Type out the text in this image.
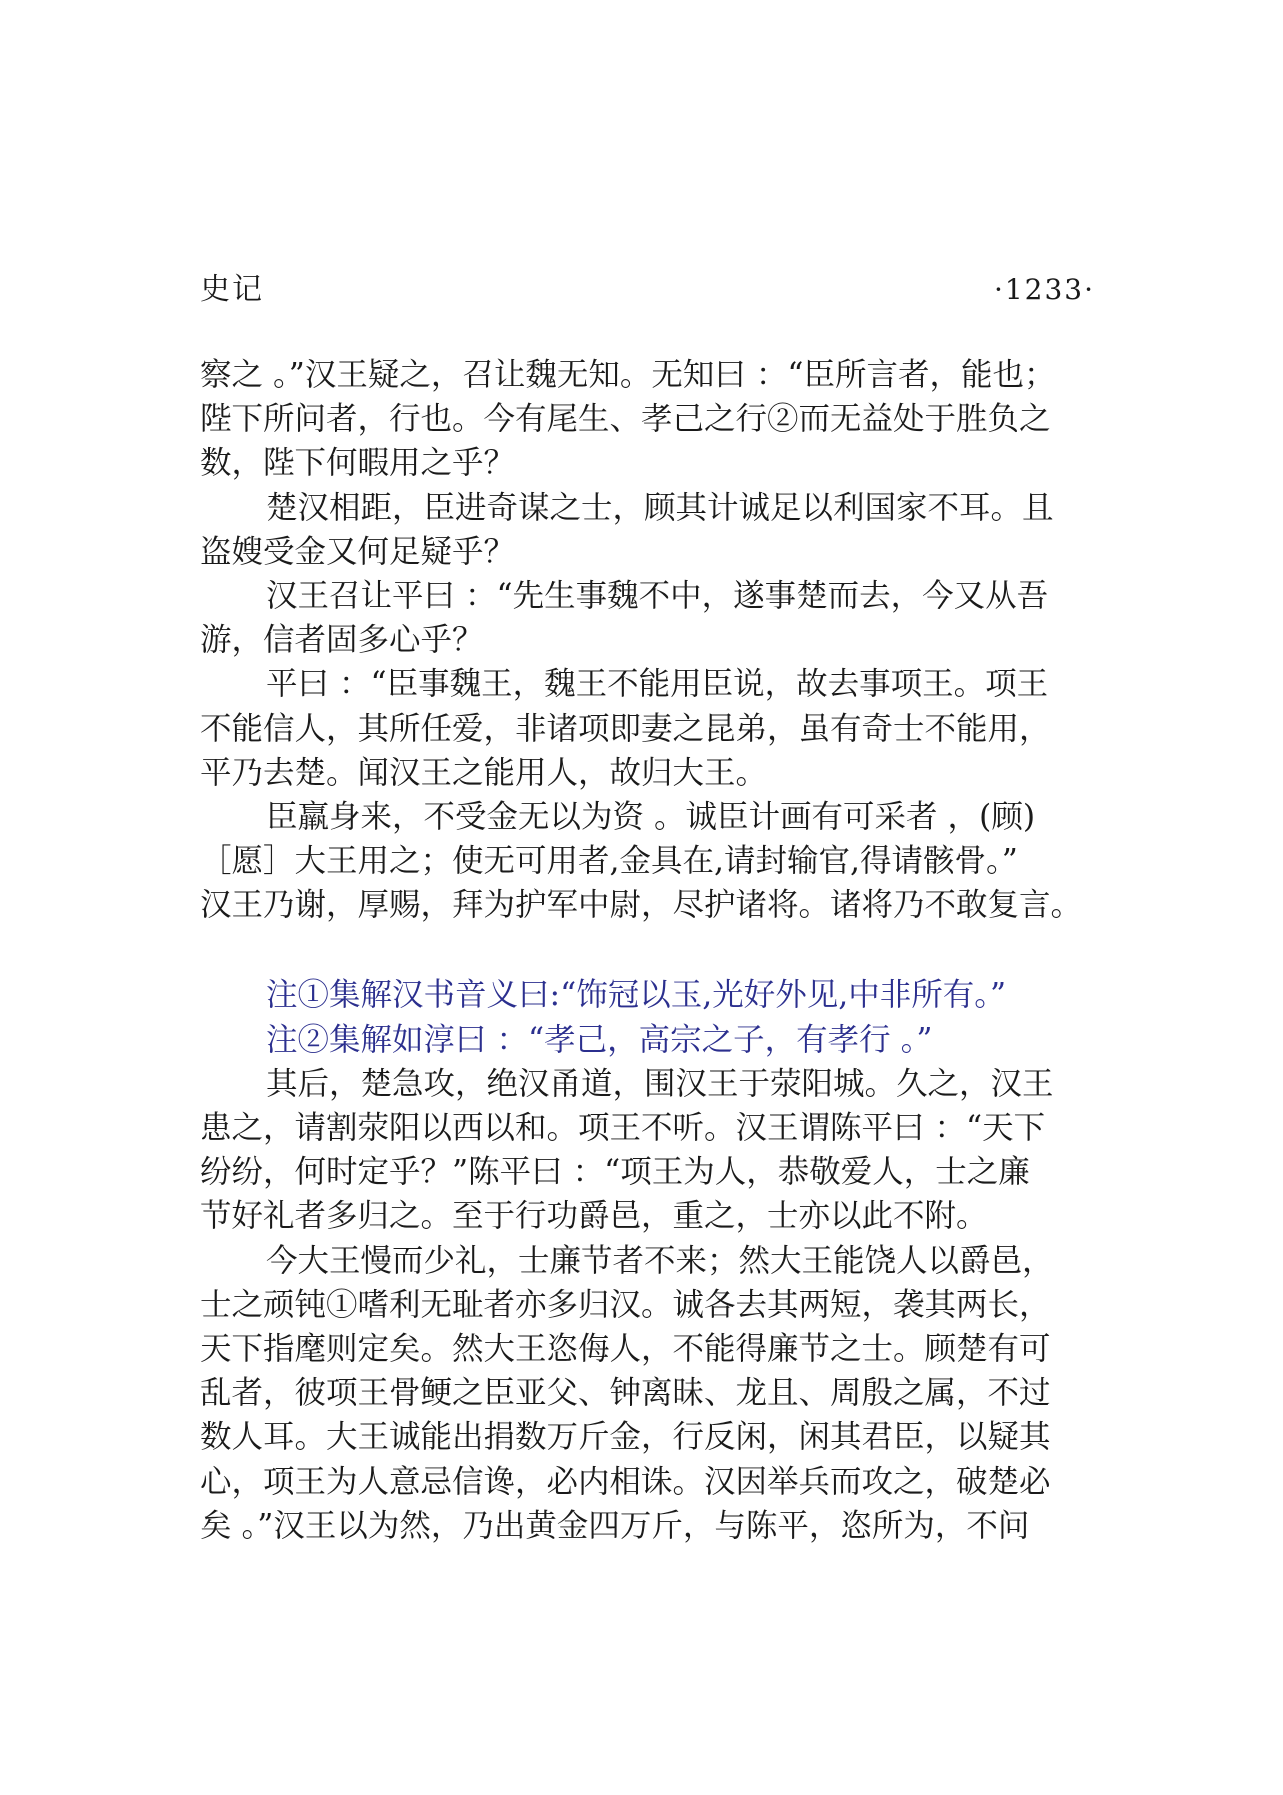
史记	·1233·
察之 。”汉王疑之，召让魏无知。无知曰 ：“臣所言者，能也；
陛下所问者，行也。今有尾生、孝己之行②而无益处于胜负之
数，陛下何暇用之乎？
楚汉相距，臣进奇谋之士，顾其计诚足以利国家不耳。且
盗嫂受金又何足疑乎？
汉王召让平曰 ：“先生事魏不中，遂事楚而去，今又从吾
游，信者固多心乎？
平曰 ：“臣事魏王，魏王不能用臣说，故去事项王。项王
不能信人，其所任爱，非诸项即妻之昆弟，虽有奇士不能用，
平乃去楚。闻汉王之能用人，故归大王。
臣羸身来，不受金无以为资 。诚臣计画有可采者 ，(顾)
［愿］大王用之；使无可用者,金具在,请封输官,得请骸骨。”
汉王乃谢，厚赐，拜为护军中尉，尽护诸将。诸将乃不敢复言。
注①集解汉书音义曰:“饰冠以玉,光好外见,中非所有。”
注②集解如淳曰 ：“孝己，高宗之子，有孝行 。”
其后，楚急攻，绝汉甬道，围汉王于荥阳城。久之，汉王
患之，请割荥阳以西以和。项王不听。汉王谓陈平曰 ：“天下
纷纷，何时定乎？”陈平曰 ：“项王为人，恭敬爱人，士之廉
节好礼者多归之。至于行功爵邑，重之，士亦以此不附。
今大王慢而少礼，士廉节者不来；然大王能饶人以爵邑，
士之顽钝①嗜利无耻者亦多归汉。诚各去其两短，袭其两长，
天下指麾则定矣。然大王恣侮人，不能得廉节之士。顾楚有可
乱者，彼项王骨鲠之臣亚父、钟离昧、龙且、周殷之属，不过
数人耳。大王诚能出捐数万斤金，行反闲，闲其君臣，以疑其
心，项王为人意忌信谗，必内相诛。汉因举兵而攻之，破楚必
矣 。”汉王以为然，乃出黄金四万斤，与陈平，恣所为，不问
